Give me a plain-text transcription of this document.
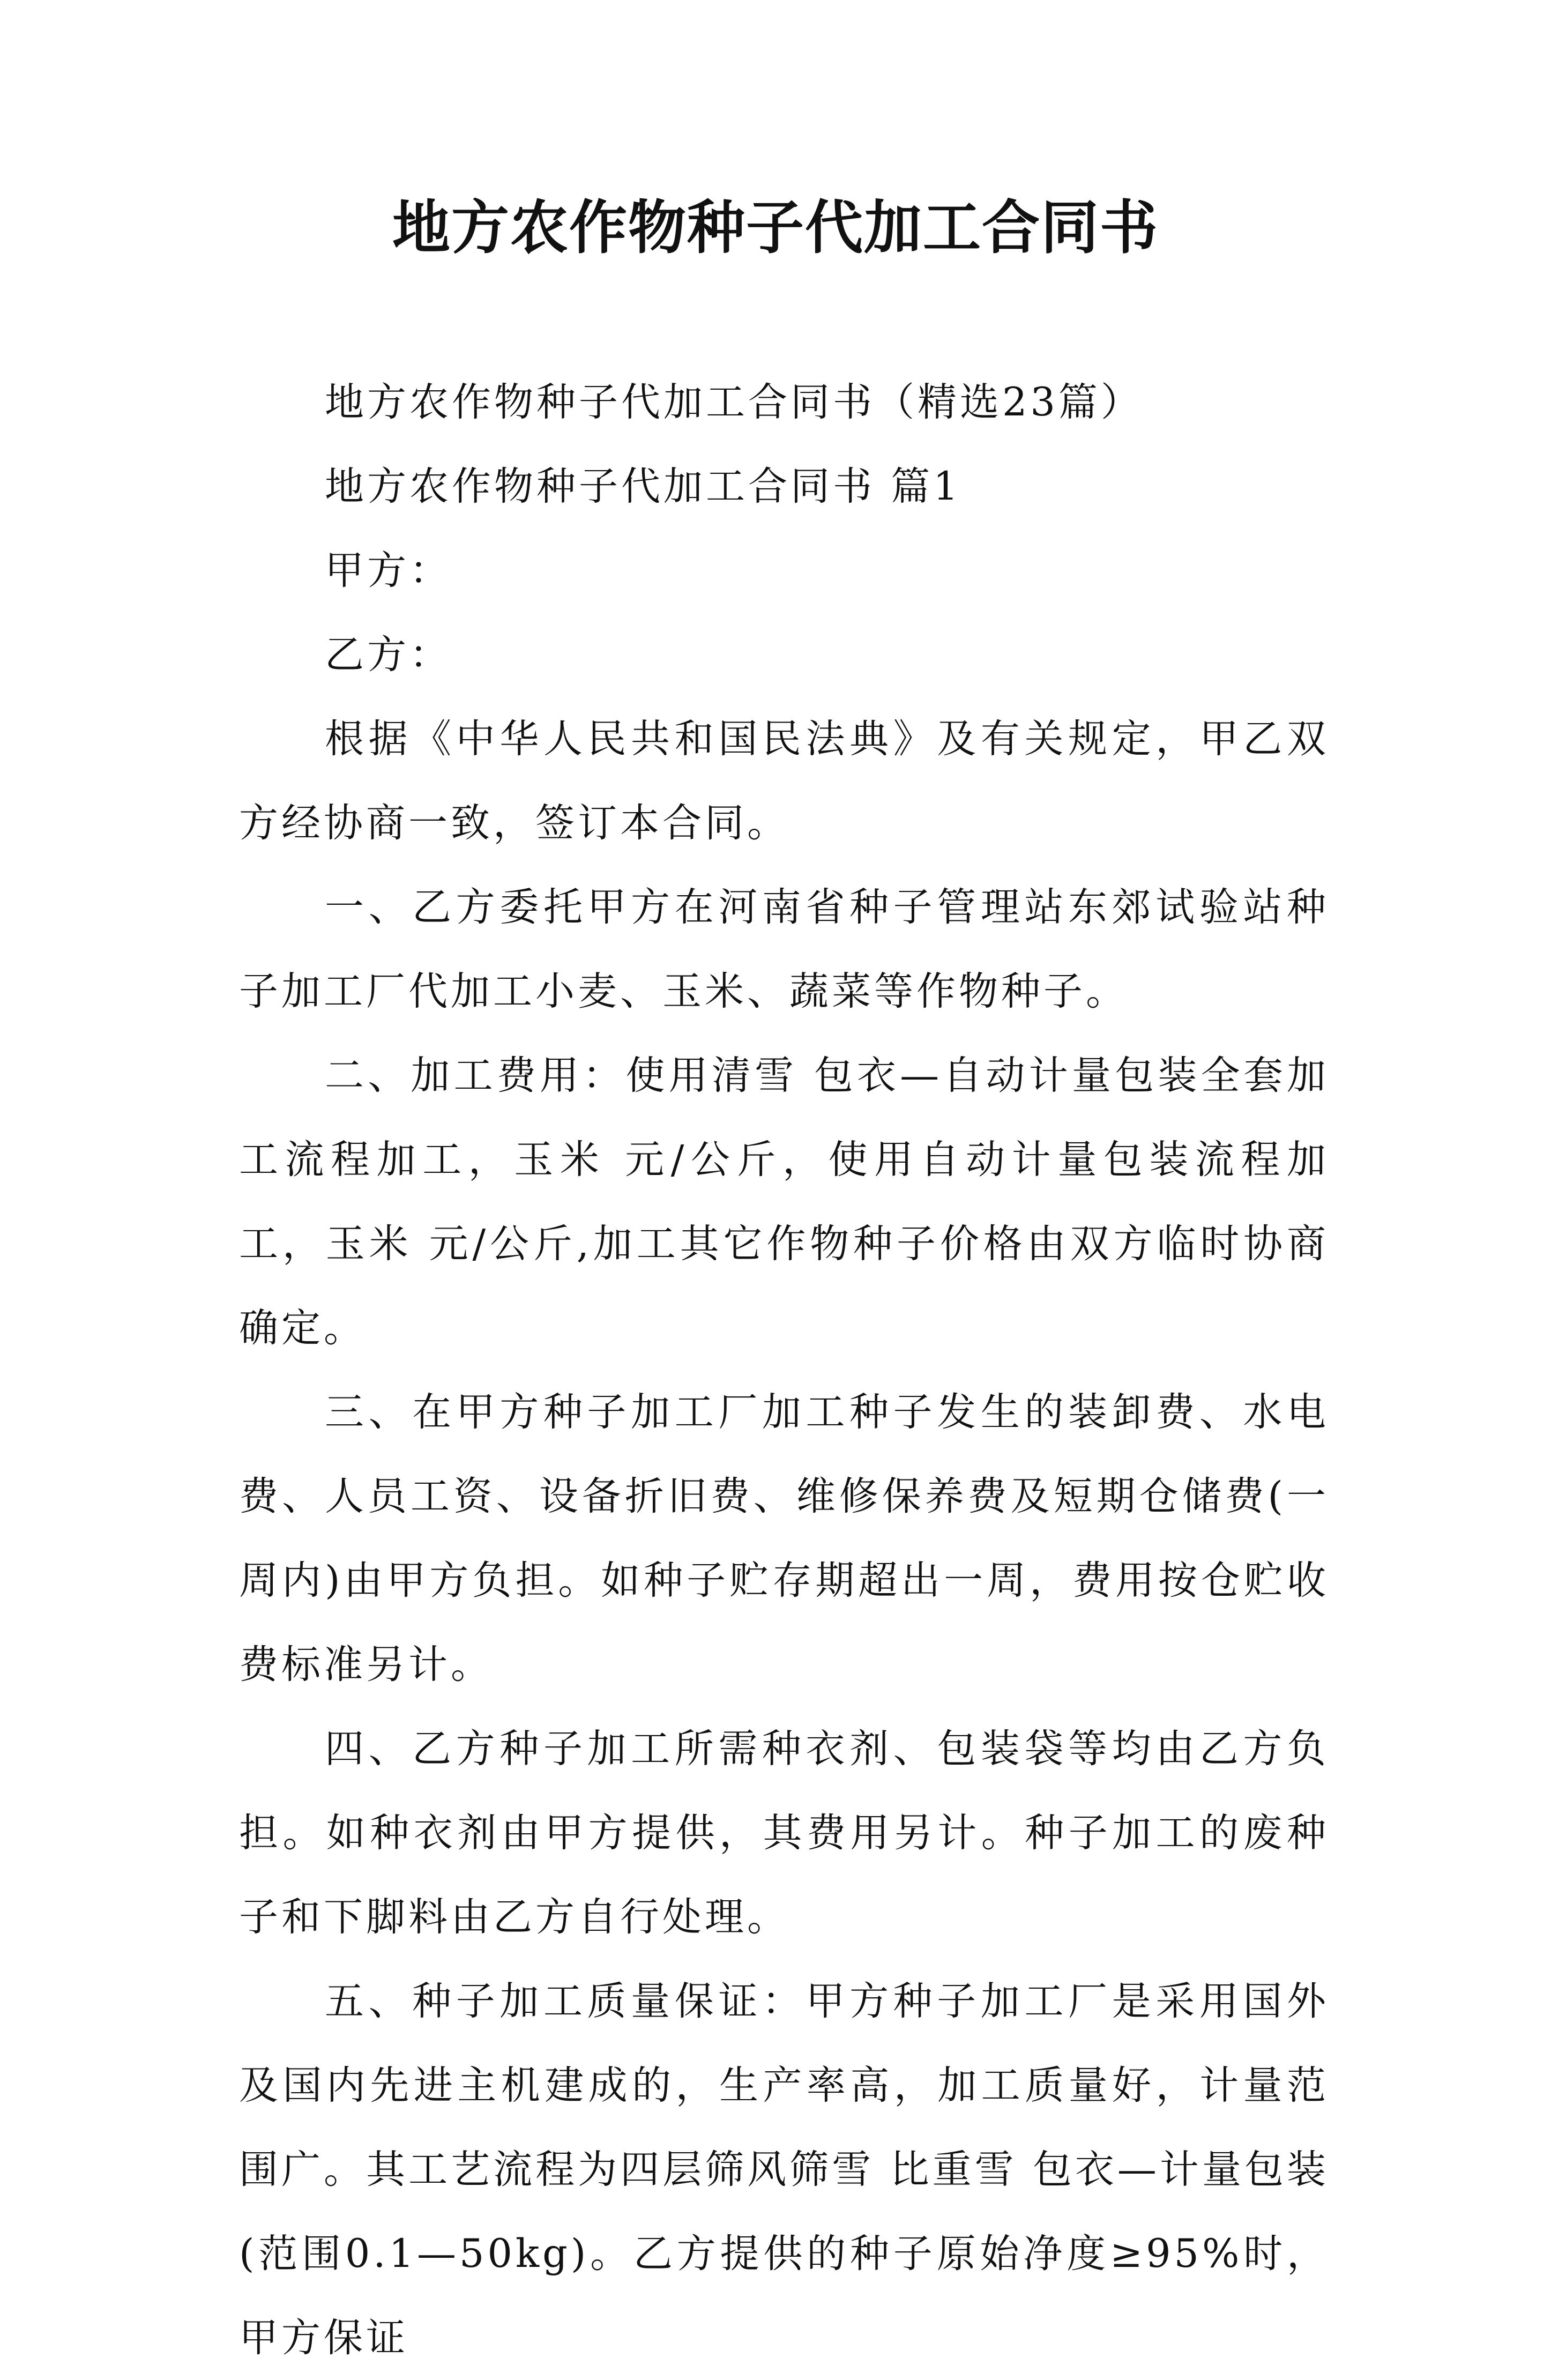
地方农作物种子代加工合同书

地方农作物种子代加工合同书（精选23篇）

地方农作物种子代加工合同书 篇1

甲方：

乙方：

根据《中华人民共和国民法典》及有关规定，甲乙双方经协商一致，签订本合同。

一、乙方委托甲方在河南省种子管理站东郊试验站种子加工厂代加工小麦、玉米、蔬菜等作物种子。

二、加工费用：使用清雪 包衣—自动计量包装全套加工流程加工，玉米 元/公斤，使用自动计量包装流程加工，玉米 元/公斤,加工其它作物种子价格由双方临时协商确定。

三、在甲方种子加工厂加工种子发生的装卸费、水电费、人员工资、设备折旧费、维修保养费及短期仓储费(一周内)由甲方负担。如种子贮存期超出一周，费用按仓贮收费标准另计。

四、乙方种子加工所需种衣剂、包装袋等均由乙方负担。如种衣剂由甲方提供，其费用另计。种子加工的废种子和下脚料由乙方自行处理。

五、种子加工质量保证：甲方种子加工厂是采用国外及国内先进主机建成的，生产率高，加工质量好，计量范围广。其工艺流程为四层筛风筛雪 比重雪 包衣—计量包装(范围0.1—50kg)。乙方提供的种子原始净度≥95%时，甲方保证
